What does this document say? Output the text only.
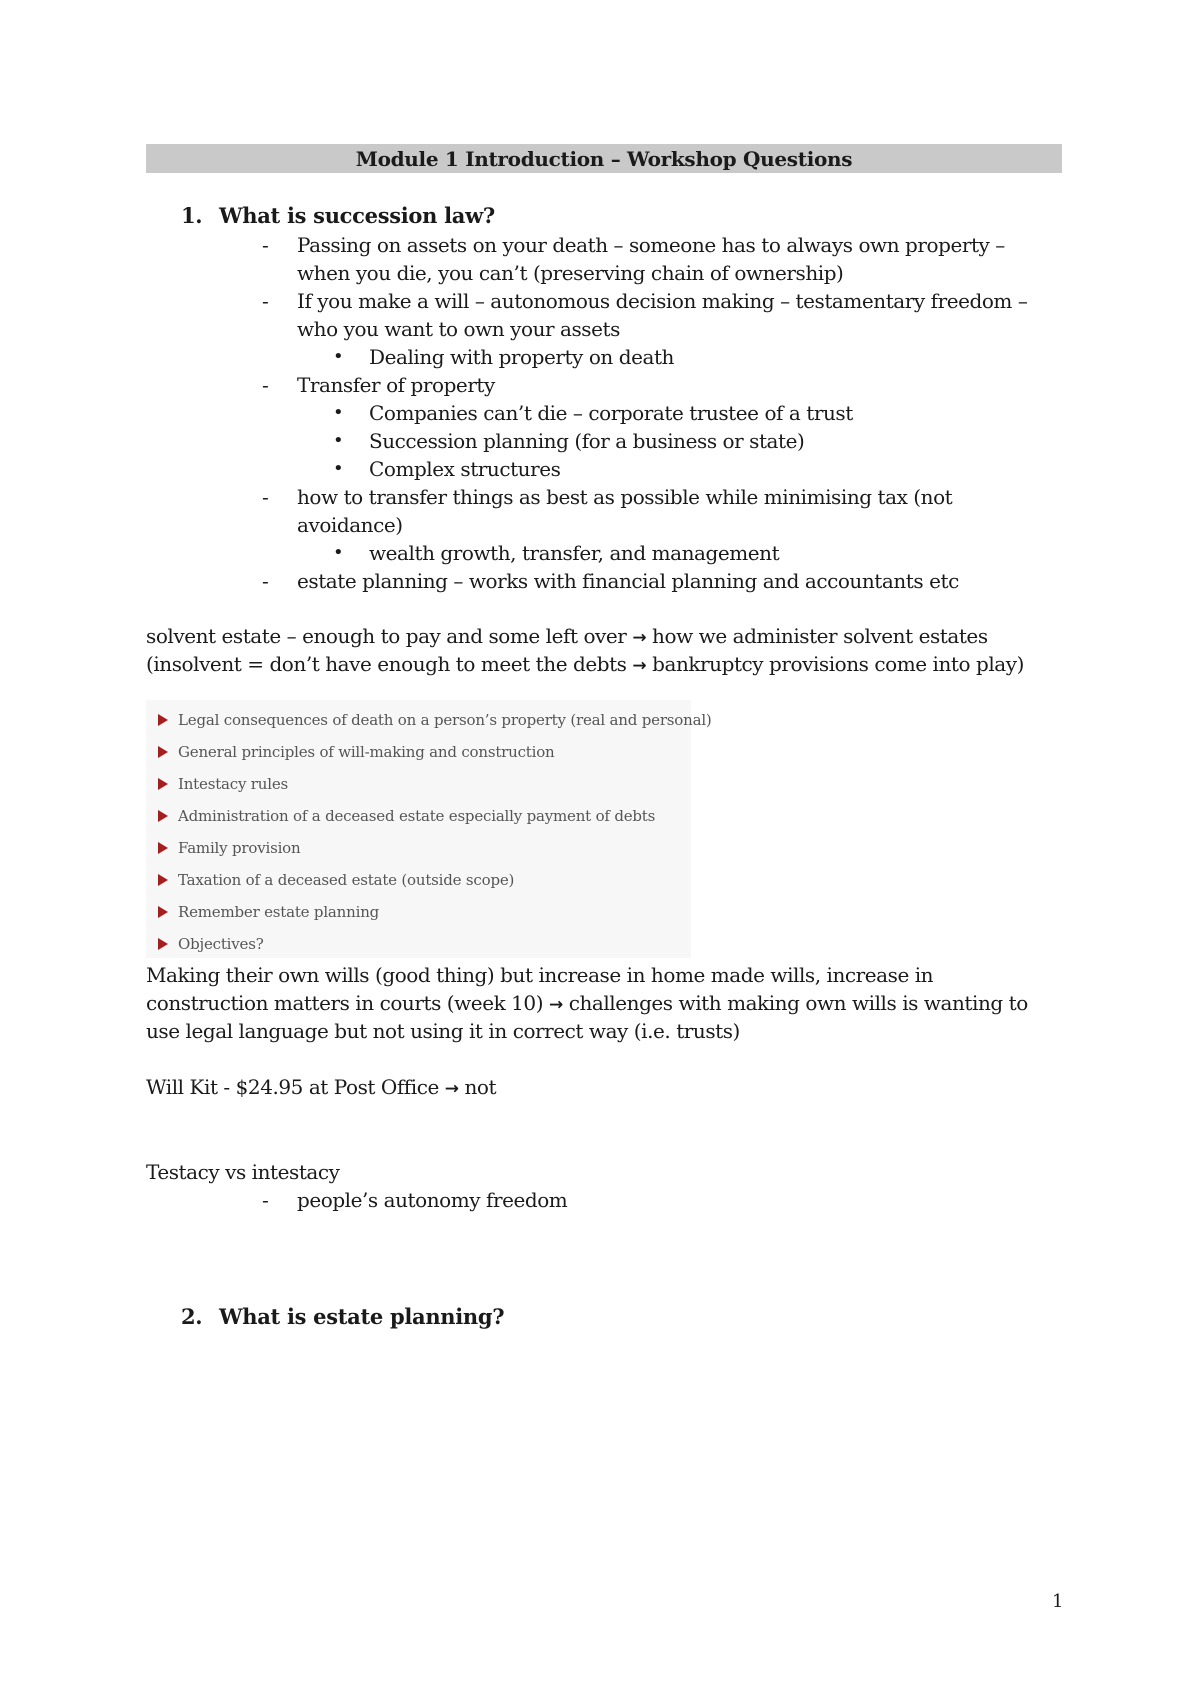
Module 1 Introduction – Workshop Questions
1. What is succession law?
- Passing on assets on your death – someone has to always own property –
when you die, you can’t (preserving chain of ownership)
- If you make a will – autonomous decision making – testamentary freedom –
who you want to own your assets
• Dealing with property on death
- Transfer of property
• Companies can’t die – corporate trustee of a trust
• Succession planning (for a business or state)
• Complex structures
- how to transfer things as best as possible while minimising tax (not
avoidance)
• wealth growth, transfer, and management
- estate planning – works with financial planning and accountants etc
solvent estate – enough to pay and some left over → how we administer solvent estates
(insolvent = don’t have enough to meet the debts → bankruptcy provisions come into play)
Legal consequences of death on a person’s property (real and personal)
General principles of will-making and construction
Intestacy rules
Administration of a deceased estate especially payment of debts
Family provision
Taxation of a deceased estate (outside scope)
Remember estate planning
Objectives?
Making their own wills (good thing) but increase in home made wills, increase in
construction matters in courts (week 10) → challenges with making own wills is wanting to
use legal language but not using it in correct way (i.e. trusts)
Will Kit - $24.95 at Post Office → not
Testacy vs intestacy
- people’s autonomy freedom
2. What is estate planning?
1
